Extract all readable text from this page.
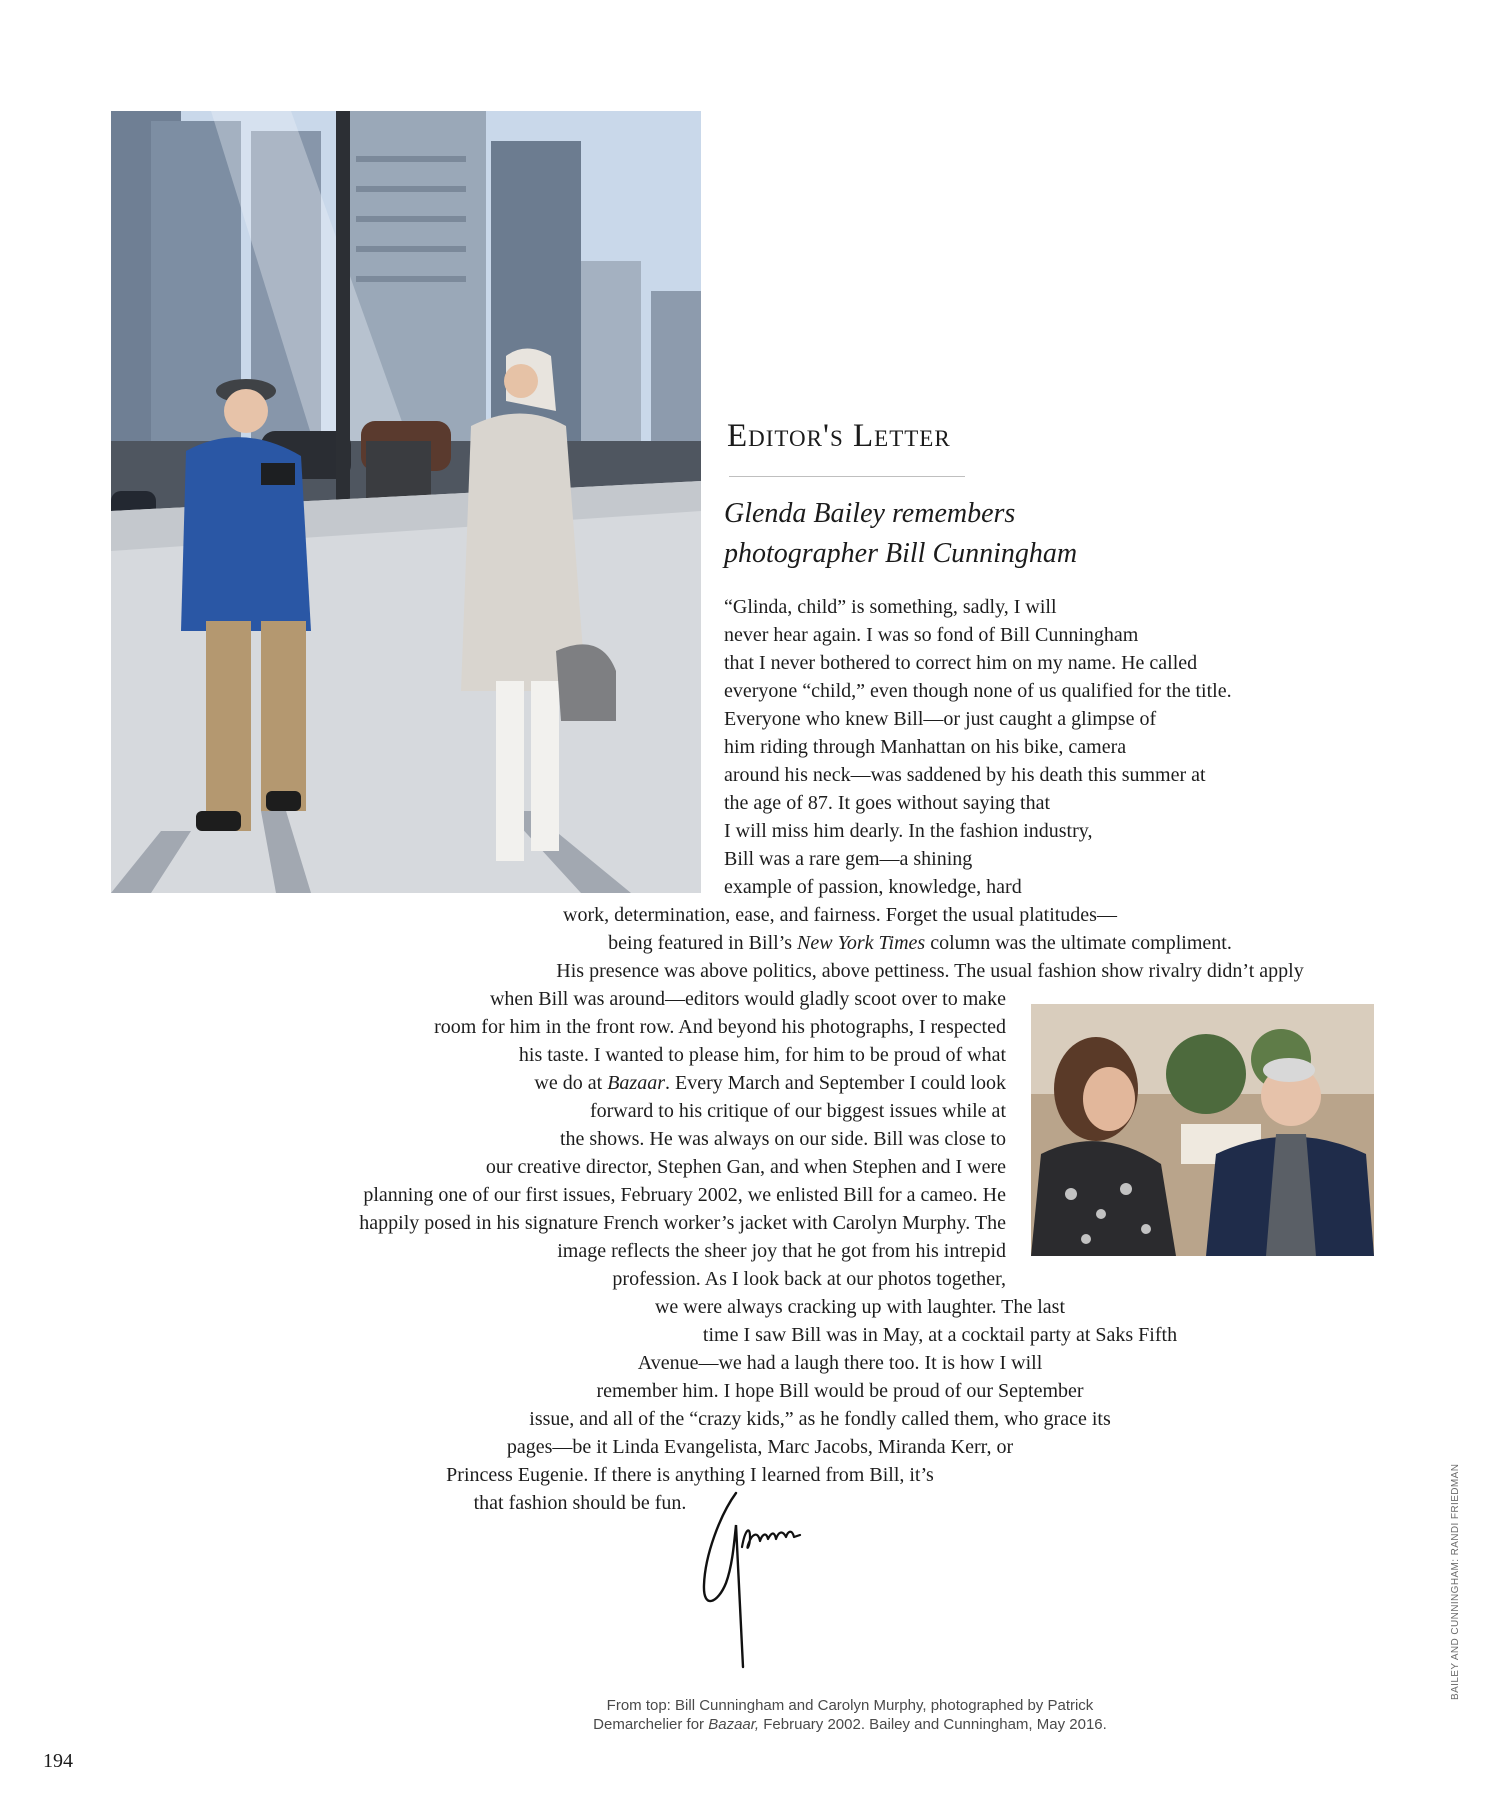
Editor's Letter
Glenda Bailey remembers
photographer Bill Cunningham
“Glinda, child” is something, sadly, I will
never hear again. I was so fond of Bill Cunningham
that I never bothered to correct him on my name. He called
everyone “child,” even though none of us qualified for the title.
Everyone who knew Bill—or just caught a glimpse of
him riding through Manhattan on his bike, camera
around his neck—was saddened by his death this summer at
the age of 87. It goes without saying that
I will miss him dearly. In the fashion industry,
Bill was a rare gem—a shining
example of passion, knowledge, hard
work, determination, ease, and fairness. Forget the usual platitudes—
being featured in Bill’s New York Times column was the ultimate compliment.
His presence was above politics, above pettiness. The usual fashion show rivalry didn’t apply
when Bill was around—editors would gladly scoot over to make
room for him in the front row. And beyond his photographs, I respected
his taste. I wanted to please him, for him to be proud of what
we do at Bazaar. Every March and September I could look
forward to his critique of our biggest issues while at
the shows. He was always on our side. Bill was close to
our creative director, Stephen Gan, and when Stephen and I were
planning one of our first issues, February 2002, we enlisted Bill for a cameo. He
happily posed in his signature French worker’s jacket with Carolyn Murphy. The
image reflects the sheer joy that he got from his intrepid
profession. As I look back at our photos together,
we were always cracking up with laughter. The last
time I saw Bill was in May, at a cocktail party at Saks Fifth
Avenue—we had a laugh there too. It is how I will
remember him. I hope Bill would be proud of our September
issue, and all of the “crazy kids,” as he fondly called them, who grace its
pages—be it Linda Evangelista, Marc Jacobs, Miranda Kerr, or
Princess Eugenie. If there is anything I learned from Bill, it’s
that fashion should be fun.
From top: Bill Cunningham and Carolyn Murphy, photographed by Patrick
Demarchelier for Bazaar, February 2002. Bailey and Cunningham, May 2016.
BAILEY AND CUNNINGHAM: RANDI FRIEDMAN
194
